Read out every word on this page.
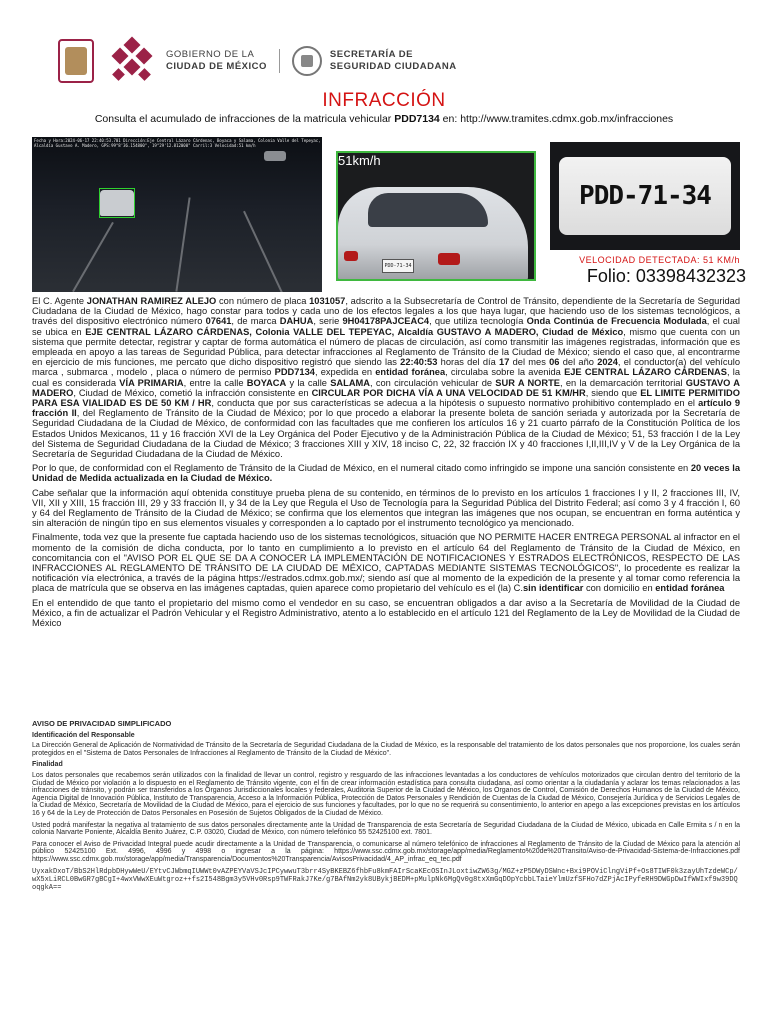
GOBIERNO DE LA
CIUDAD DE MÉXICO
SECRETARÍA DE
SEGURIDAD CIUDADANA
INFRACCIÓN
Consulta el acumulado de infracciones de la matricula vehicular PDD7134 en: http://www.tramites.cdmx.gob.mx/infracciones
Fecha y Hora:2024-06-17 22:40:53.701 Dirección:Eje Central Lázaro Cárdenas, Boyaca y Salama, Colonia Valle del Tepeyac,
Alcaldía Gustavo A. Madero, GPS:99°8'36.154800", 19°29'12.812000" Carril:3 Velocidad:51 km/h
PDD-71-34
51km/h
PDD-71-34
VELOCIDAD DETECTADA: 51 KM/h
Folio: 03398432323

El C. Agente JONATHAN RAMIREZ ALEJO con número de placa 1031057, adscrito a la Subsecretaría de Control de Tránsito, dependiente de la Secretaría de Seguridad Ciudadana de la Ciudad de México, hago constar para todos y cada uno de los efectos legales a los que haya lugar, que haciendo uso de los sistemas tecnológicos, a través del dispositivo electrónico número 07641, de marca DAHUA, serie 9H04178PAJCEAC4, que utiliza tecnología Onda Continúa de Frecuencia Modulada, el cual se ubica en EJE CENTRAL LÁZARO CÁRDENAS, Colonia VALLE DEL TEPEYAC, Alcaldía GUSTAVO A MADERO, Ciudad de México, mismo que cuenta con un sistema que permite detectar, registrar y captar de forma automática el número de placas de circulación, así como transmitir las imágenes registradas, información que es empleada en apoyo a las tareas de Seguridad Pública, para detectar infracciones al Reglamento de Tránsito de la Ciudad de México; siendo el caso que, al encontrarme en ejercicio de mis funciones, me percato que dicho dispositivo registró que siendo las 22:40:53 horas del día 17 del mes 06 del año 2024, el conductor(a) del vehículo marca , submarca , modelo , placa o número de permiso PDD7134, expedida en entidad foránea, circulaba sobre la avenida EJE CENTRAL LÁZARO CÁRDENAS, la cual es considerada VÍA PRIMARIA, entre la calle BOYACA y la calle SALAMA, con circulación vehicular de SUR A NORTE, en la demarcación territorial GUSTAVO A MADERO, Ciudad de México, cometió la infracción consistente en CIRCULAR POR DICHA VÍA A UNA VELOCIDAD DE 51 KM/HR, siendo que EL LIMITE PERMITIDO PARA ESA VIALIDAD ES DE 50 KM / HR, conducta que por sus características se adecua a la hipótesis o supuesto normativo prohibitivo contemplado en el artículo 9 fracción II, del Reglamento de Tránsito de la Ciudad de México; por lo que procedo a elaborar la presente boleta de sanción seriada y autorizada por la Secretaría de Seguridad Ciudadana de la Ciudad de México, de conformidad con las facultades que me confieren los artículos 16 y 21 cuarto párrafo de la Constitución Política de los Estados Unidos Mexicanos, 11 y 16 fracción XVI de la Ley Orgánica del Poder Ejecutivo y de la Administración Pública de la Ciudad de México; 51, 53 fracción I de la Ley del Sistema de Seguridad Ciudadana de la Ciudad de México; 3 fracciones XIII y XIV, 18 inciso C, 22, 32 fracción IX y 40 fracciones I,II,III,IV y V de la Ley Orgánica de la Secretaría de Seguridad Ciudadana de la Ciudad de México.

Por lo que, de conformidad con el Reglamento de Tránsito de la Ciudad de México, en el numeral citado como infringido se impone una sanción consistente en 20 veces la Unidad de Medida actualizada en la Ciudad de México.

Cabe señalar que la información aquí obtenida constituye prueba plena de su contenido, en términos de lo previsto en los artículos 1 fracciones I y II, 2 fracciones III, IV, VII, XII y XIII, 15 fracción III, 29 y 33 fracción II, y 34 de la Ley que Regula el Uso de Tecnología para la Seguridad Pública del Distrito Federal; así como 3 y 4 fracción I, 60 y 64 del Reglamento de Tránsito de la Ciudad de México; se confirma que los elementos que integran las imágenes que nos ocupan, se encuentran en forma auténtica y sin alteración de ningún tipo en sus elementos visuales y corresponden a lo captado por el instrumento tecnológico ya mencionado.

Finalmente, toda vez que la presente fue captada haciendo uso de los sistemas tecnológicos, situación que NO PERMITE HACER ENTREGA PERSONAL al infractor en el momento de la comisión de dicha conducta, por lo tanto en cumplimiento a lo previsto en el artículo 64 del Reglamento de Tránsito de la Ciudad de México, en concomitancia con el "AVISO POR EL QUE SE DA A CONOCER LA IMPLEMENTACIÓN DE NOTIFICACIONES Y ESTRADOS ELECTRÓNICOS, RESPECTO DE LAS INFRACCIONES AL REGLAMENTO DE TRÁNSITO DE LA CIUDAD DE MÉXICO, CAPTADAS MEDIANTE SISTEMAS TECNOLÓGICOS", lo procedente es realizar la notificación vía electrónica, a través de la página https://estrados.cdmx.gob.mx/; siendo así que al momento de la expedición de la presente y al tomar como referencia la placa de matrícula que se observa en las imágenes captadas, quien aparece como propietario del vehículo es el (la) C.sin identificar con domicilio en entidad foránea

En el entendido de que tanto el propietario del mismo como el vendedor en su caso, se encuentran obligados a dar aviso a la Secretaría de Movilidad de la Ciudad de México, a fin de actualizar el Padrón Vehicular y el Registro Administrativo, atento a lo establecido en el artículo 121 del Reglamento de la Ley de Movilidad de la Ciudad de México

AVISO DE PRIVACIDAD SIMPLIFICADO
Identificación del Responsable

La Dirección General de Aplicación de Normatividad de Tránsito de la Secretaría de Seguridad Ciudadana de la Ciudad de México, es la responsable del tratamiento de los datos personales que nos proporcione, los cuales serán protegidos en el "Sistema de Datos Personales de Infracciones al Reglamento de Tránsito de la Ciudad de México".

Finalidad

Los datos personales que recabemos serán utilizados con la finalidad de llevar un control, registro y resguardo de las infracciones levantadas a los conductores de vehículos motorizados que circulan dentro del territorio de la Ciudad de México por violación a lo dispuesto en el Reglamento de Tránsito vigente, con el fin de crear información estadística para consulta ciudadana, así como orientar a la ciudadanía y aclarar los temas relacionados a las infracciones de tránsito, y podrán ser transferidos a los Órganos Jurisdiccionales locales y federales, Auditoria Superior de la Ciudad de México, los Órganos de Control, Comisión de Derechos Humanos de la Ciudad de México, Agencia Digital de Innovación Pública, Instituto de Transparencia, Acceso a la Información Pública, Protección de Datos Personales y Rendición de Cuentas de la Ciudad de México, Consejería Jurídica y de Servicios Legales de la Ciudad de México, Secretaría de Movilidad de la Ciudad de México, para el ejercicio de sus funciones y facultades, por lo que no se requerirá su consentimiento, lo anterior en apego a las excepciones previstas en los artículos 16 y 64 de la Ley de Protección de Datos Personales en Posesión de Sujetos Obligados de la Ciudad de México.

Usted podrá manifestar la negativa al tratamiento de sus datos personales directamente ante la Unidad de Transparencia de esta Secretaría de Seguridad Ciudadana de la Ciudad de México, ubicada en Calle Ermita s / n en la colonia Narvarte Poniente, Alcaldía Benito Juárez, C.P. 03020, Ciudad de México, con número telefónico 55 52425100 ext. 7801.

Para conocer el Aviso de Privacidad Integral puede acudir directamente a la Unidad de Transparencia, o comunicarse al número telefónico de infracciones al Reglamento de Tránsito de la Ciudad de México para la atención al público 52425100 Ext. 4996, 4996 y 4998 o ingresar a la página: https://www.ssc.cdmx.gob.mx/storage/app/media/Reglamento%20de%20Transito/Aviso-de-Privacidad-Sistema-de-Infracciones.pdf https://www.ssc.cdmx.gob.mx/storage/app/media/Transparencia/Documentos%20Transparencia/AvisosPrivacidad/4_AP_infrac_eq_tec.pdf

UyxakDxoT/BbS2HlRdpbDHywWeU/EYtvCJWbmqIUWWt0vAZPEYVaVSJcIPCywwuT3brr4SyBKEBZ6fhbFu8kmFAIrScaKEcOSInJLoxtiwZW63g/MGZ+zP5DWyDSWnc+Bxi9POViClngViPf+Os8TIWF0k3zayUhTzdeWCp/wX5xLiRCL0BwGR7gBCgI+4wxVWwXEuWtgroz++fs2I548Bgm3y5VHv0Rsp9TWFRakJ7Ke/g7BAfNm2yk8UBykjBEDM+pMulpNk6MgQv0g8txXmGqDOpYcbbLTaieYlmUzfSFHo7dZPjAcIPyfeRH9DWGpDwIfWWIxf9w39DQoqgkA==
